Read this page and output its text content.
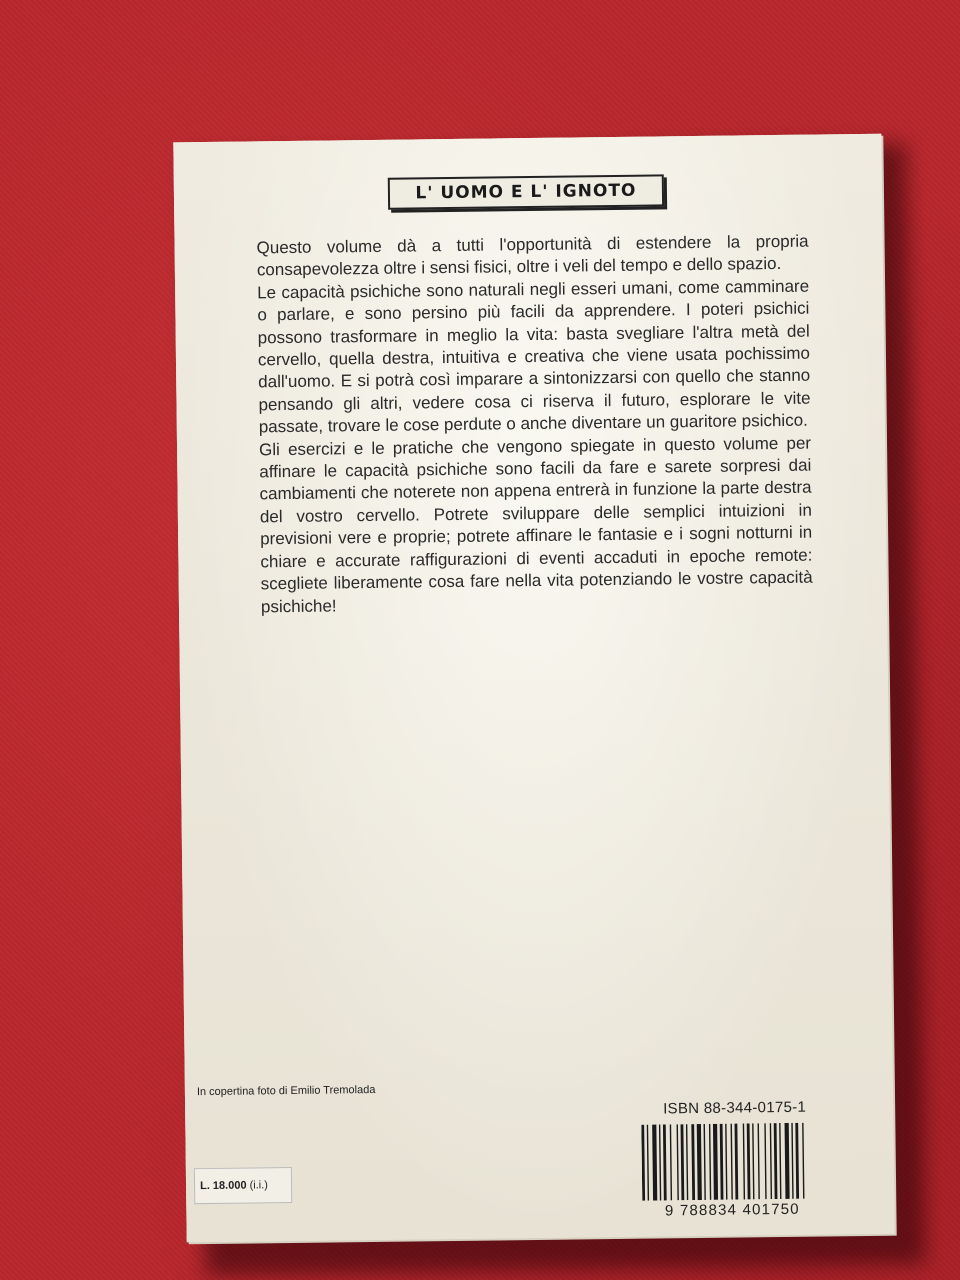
L' UOMO E L' IGNOTO

Questo volume dà a tutti l'opportunità di estendere la propria consapevolezza oltre i sensi fisici, oltre i veli del tempo e dello spazio.

Le capacità psichiche sono naturali negli esseri umani, come camminare o parlare, e sono persino più facili da apprendere. I poteri psichici possono trasformare in meglio la vita: basta svegliare l'altra metà del cervello, quella destra, intuitiva e creativa che viene usata pochissimo dall'uomo. E si potrà così imparare a sintonizzarsi con quello che stanno pensando gli altri, vedere cosa ci riserva il futuro, esplorare le vite passate, trovare le cose perdute o anche diventare un guaritore psichico.

Gli esercizi e le pratiche che vengono spiegate in questo volume per affinare le capacità psichiche sono facili da fare e sarete sorpresi dai cambiamenti che noterete non appena entrerà in funzione la parte destra del vostro cervello. Potrete sviluppare delle semplici intuizioni in previsioni vere e proprie; potrete affinare le fantasie e i sogni notturni in chiare e accurate raffigurazioni di eventi accaduti in epoche remote: scegliete liberamente cosa fare nella vita potenziando le vostre capacità psichiche!

In copertina foto di Emilio Tremolada
ISBN 88-344-0175-1
9 788834 401750
L. 18.000 (i.i.)
